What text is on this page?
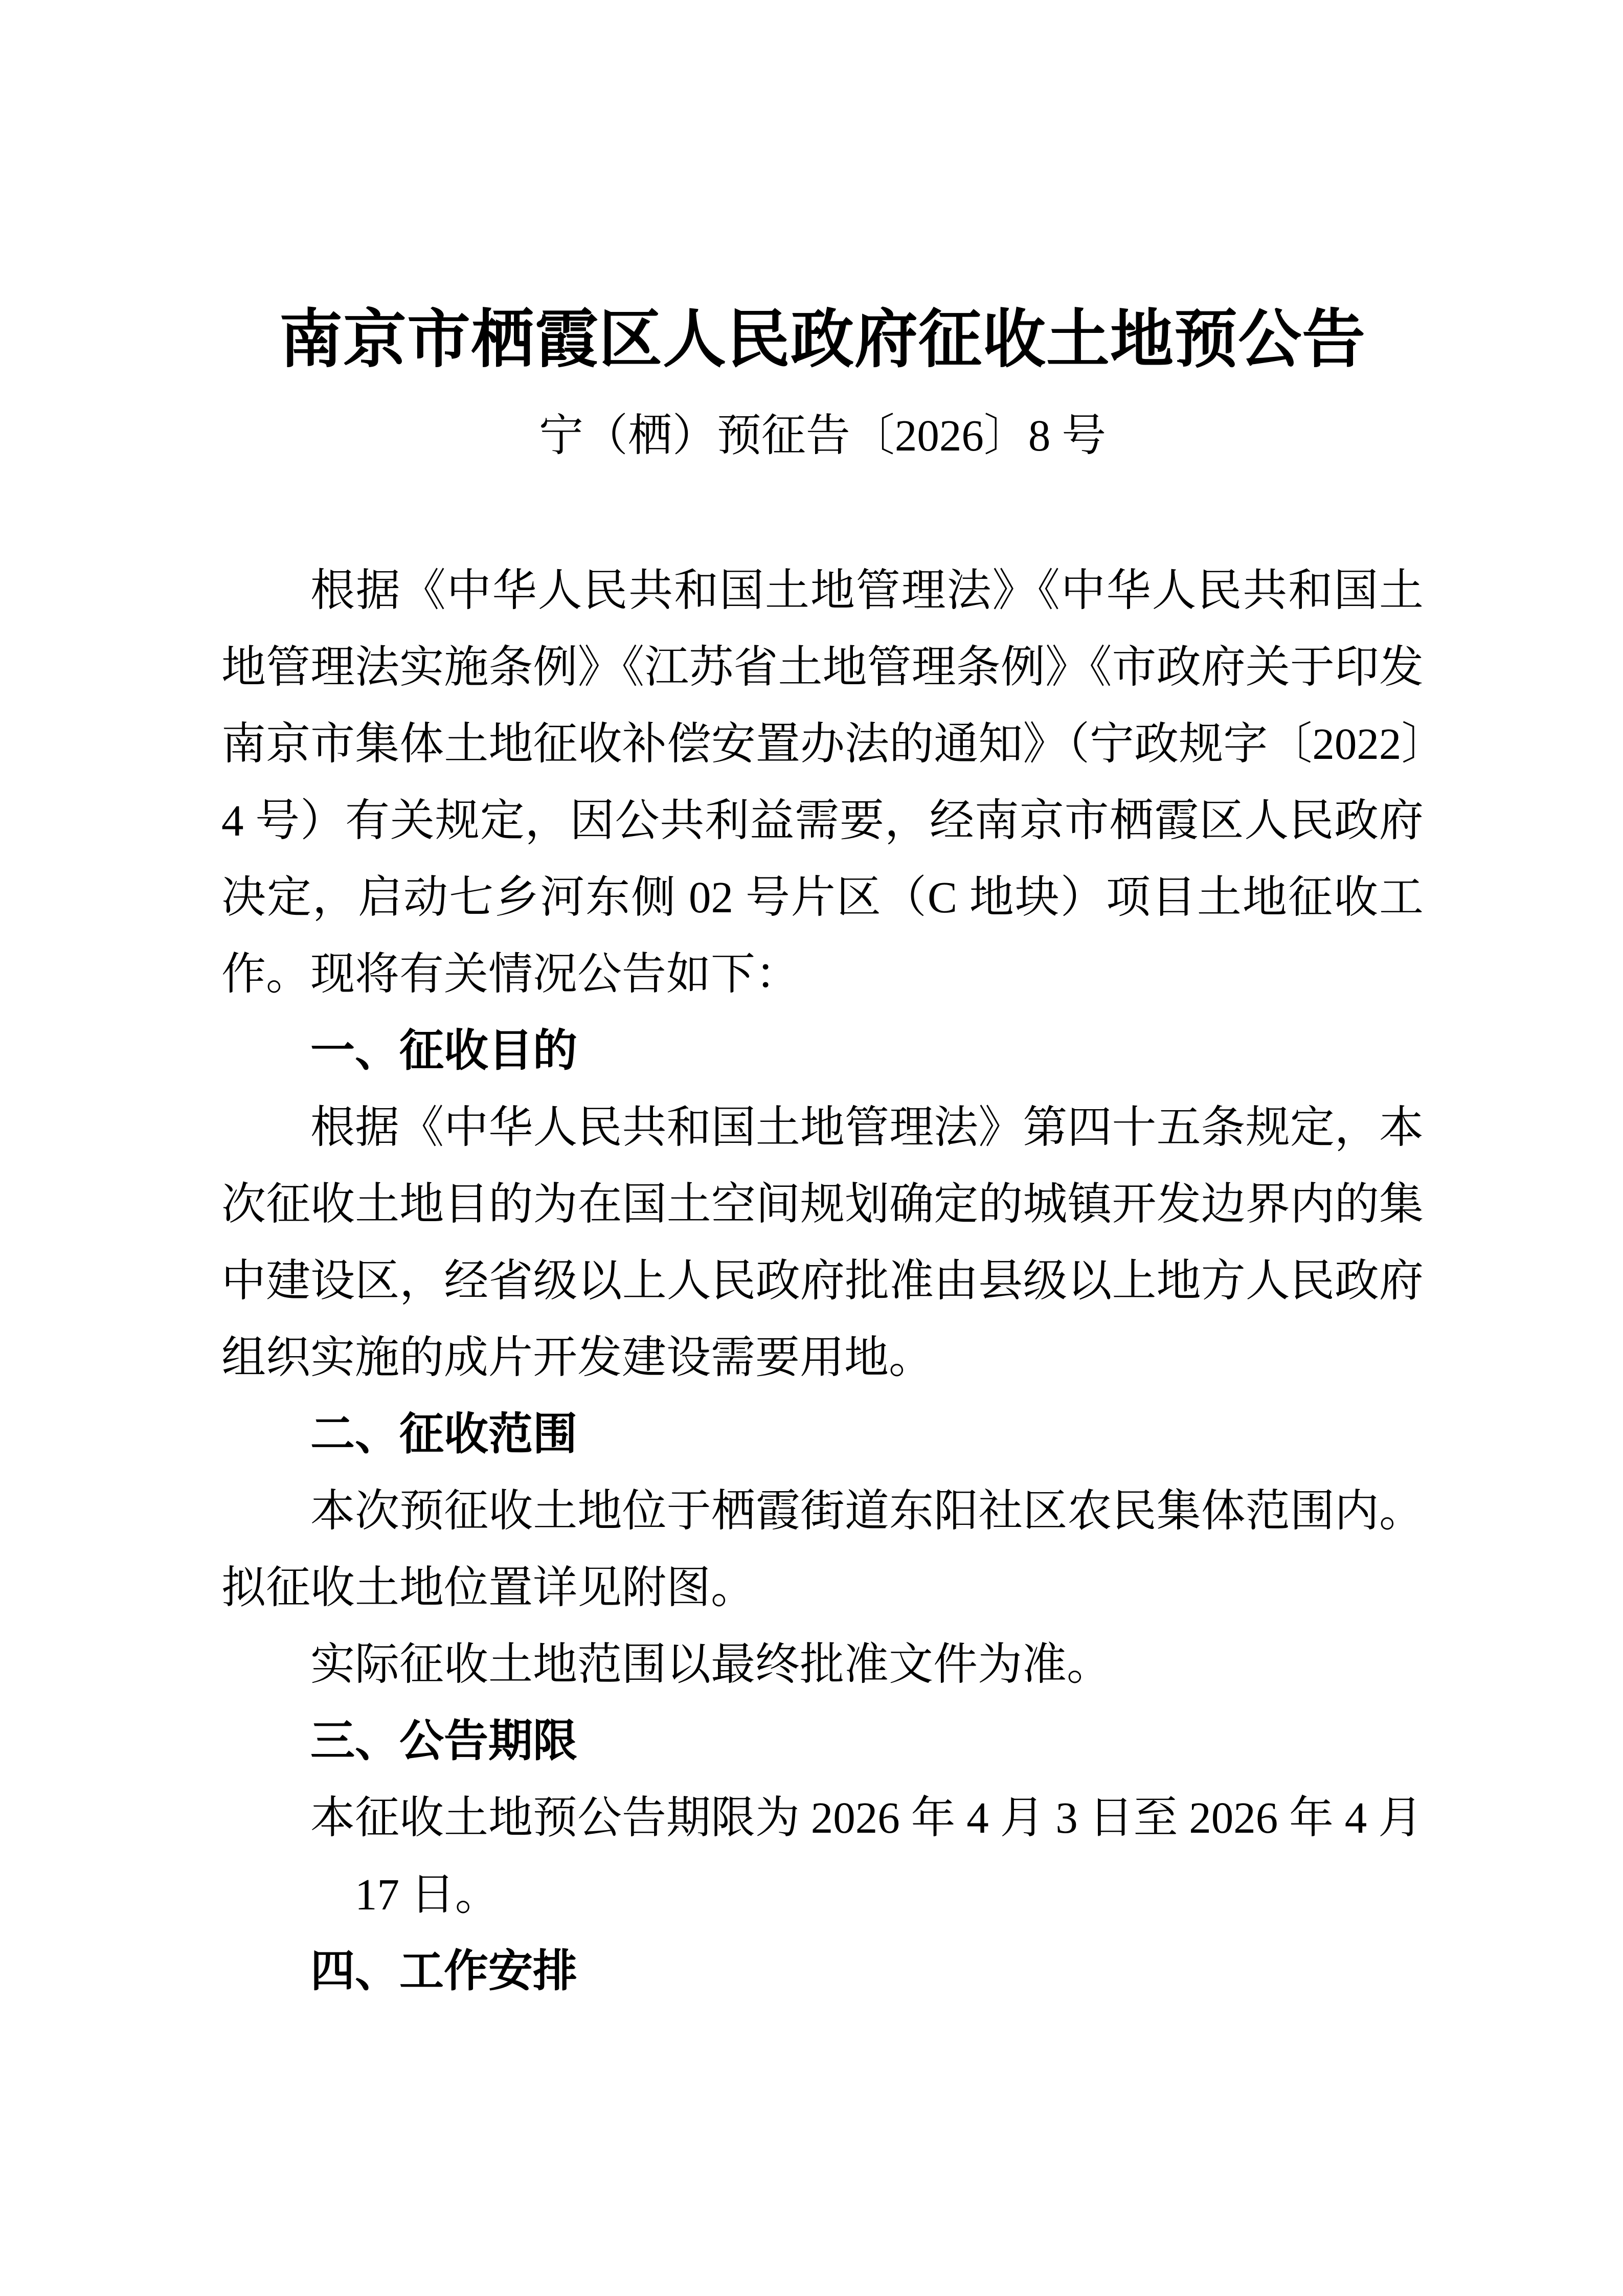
南京市栖霞区人民政府征收土地预公告
宁（栖）预征告〔2026〕8 号

根据《中华人民共和国土地管理法》《中华人民共和国土地管理法实施条例》《江苏省土地管理条例》《市政府关于印发南京市集体土地征收补偿安置办法的通知》（宁政规字〔2022〕4 号）有关规定，因公共利益需要，经南京市栖霞区人民政府决定，启动七乡河东侧 02 号片区（C 地块）项目土地征收工作。现将有关情况公告如下：

一、征收目的

根据《中华人民共和国土地管理法》第四十五条规定，本次征收土地目的为在国土空间规划确定的城镇开发边界内的集中建设区，经省级以上人民政府批准由县级以上地方人民政府组织实施的成片开发建设需要用地。

二、征收范围

本次预征收土地位于栖霞街道东阳社区农民集体范围内。拟征收土地位置详见附图。

实际征收土地范围以最终批准文件为准。

三、公告期限

本征收土地预公告期限为 2026 年 4 月 3 日至 2026 年 4 月

17 日。

四、工作安排
